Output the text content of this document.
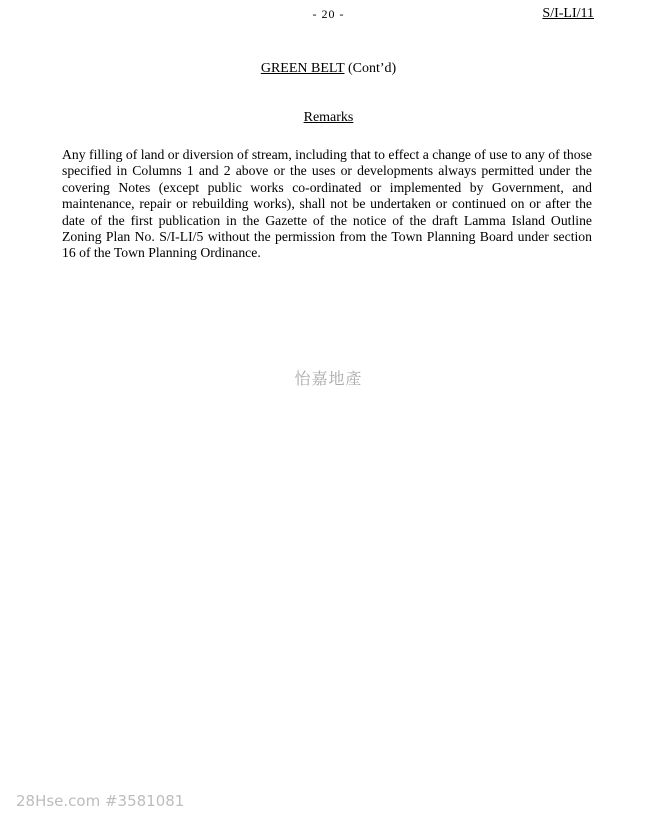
- 20 -	S/I-LI/11
GREEN BELT (Cont’d)
Remarks
Any filling of land or diversion of stream, including that to effect a change of use to any of those specified in Columns 1 and 2 above or the uses or developments always permitted under the covering Notes (except public works co-ordinated or implemented by Government, and maintenance, repair or rebuilding works), shall not be undertaken or continued on or after the date of the first publication in the Gazette of the notice of the draft Lamma Island Outline Zoning Plan No. S/I-LI/5 without the permission from the Town Planning Board under section 16 of the Town Planning Ordinance.
怡嘉地產
28Hse.com #3581081
